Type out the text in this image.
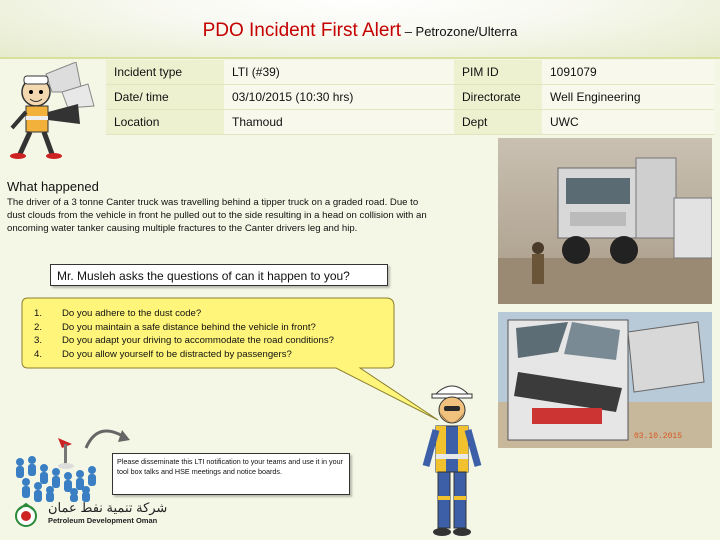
PDO Incident First Alert – Petrozone/Ulterra
Incident type	LTI (#39)	PIM ID	1091079
Date/ time	03/10/2015 (10:30 hrs)	Directorate	Well Engineering
Location	Thamoud	Dept	UWC
What happened
The driver of a 3 tonne Canter truck was travelling behind a tipper truck on a graded road. Due to dust clouds from the vehicle in front he pulled out to the side resulting in a head on collision with an oncoming water tanker causing multiple fractures to the Canter drivers leg and hip.
03.10.2015
Mr. Musleh asks the questions of can it happen to you?
1.	Do you adhere to the dust code?
2.	Do you maintain a safe distance behind the vehicle in front?
3.	Do you adapt your driving to accommodate the road conditions?
4.	Do you allow yourself to be distracted by passengers?
Please disseminate this LTI notification to your teams and use it in your tool box talks and HSE meetings and notice boards.
شركة تنمية نفط عمان
Petroleum Development Oman
